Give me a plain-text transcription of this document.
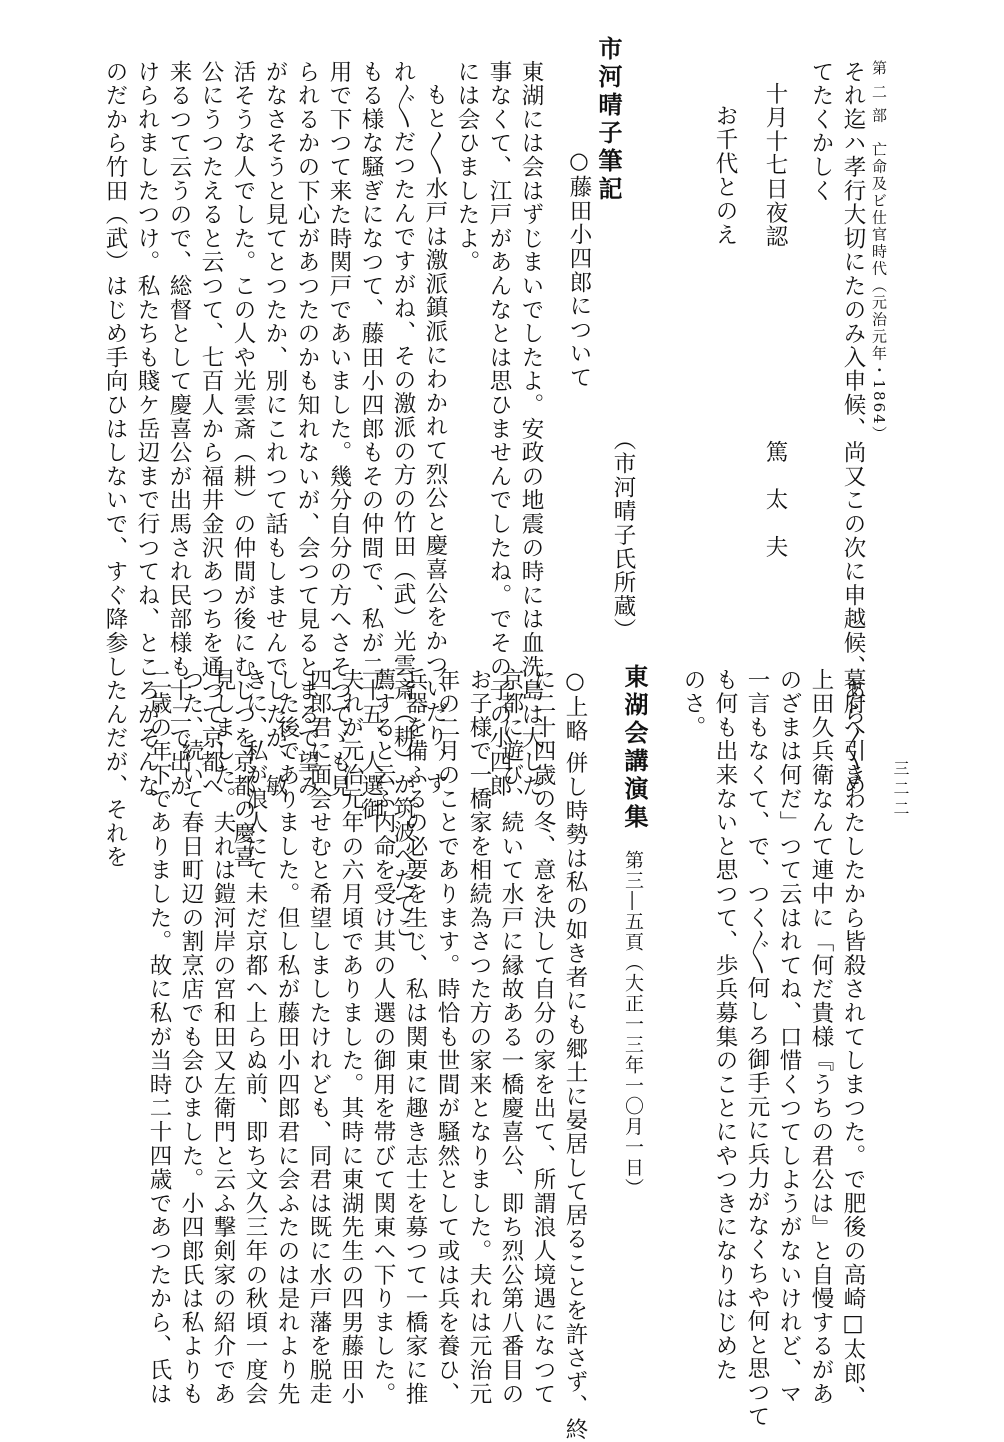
第 二 部　亡命及ビ仕官時代（元治元年・1864）
三二二
それ迄ハ孝行大切にたのみ入申候、尚又この次に申越候、あら〳〵め
てたくかしく
十月十七日夜認
篤　太　夫
お千代とのえ
（市河晴子氏所蔵）
市河晴子筆記
○藤田小四郎について
東湖には会はずじまいでしたよ。安政の地震の時には血洗島は大した
事なくて、江戸があんなとは思ひませんでしたね。でその子の小四郎
には会ひましたよ。
もと〳〵水戸は激派鎮派にわかれて烈公と慶喜公をかついだり、す
れ〴〵だつたんですがね、その激派の方の竹田（武）光雲斎（耕）が筑波へたてこ
もる様な騒ぎになつて、藤田小四郎もその仲間で、私が二十五、人選御
用で下つて来た時関戸であいました。幾分自分の方へさそつてゞも見
られるかの下心があつたのかも知れないが、会つて見るとまるで望み
がなさそうと見てとつたか、別にこれつて話もしませんでしたが、敏
活そうな人でした。この人や光雲斎（耕）の仲間が後にむじつを京都の慶喜
公にうつたえると云つて、七百人から福井金沢あつちを通つて京都へ
来るつて云うので、総督として慶喜公が出馬され民部様も十二で出か
けられましたつけ。私たちも賤ケ岳辺まで行つてね、ところがそんな
のだから竹田（武）はじめ手向ひはしないで、すぐ降参したんだが、それを
幕府へ引きわたしたから皆殺されてしまつた。で肥後の高崎□太郎、
上田久兵衛なんて連中に「何だ貴様『うちの君公は』と自慢するがあ
のざまは何だ」つて云はれてね、口惜くつてしようがないけれど、マ
一言もなくて、で、つく〴〵何しろ御手元に兵力がなくちや何と思つて
も何も出来ないと思つて、歩兵募集のことにやつきになりはじめた
のさ。
東湖会講演集
第三―五頁（大正一三年一〇月一日）
○上略 併し時勢は私の如き者にも郷土に晏居して居ることを許さず、終
に二十四歳の冬、意を決して自分の家を出て、所謂浪人境遇になつて
京都に遊び、続いて水戸に縁故ある一橋慶喜公、即ち烈公第八番目の
お子様で一橋家を相続為さつた方の家来となりました。夫れは元治元
年の二月のことであります。時恰も世間が騒然として或は兵を養ひ、
兵器を備ふるの必要を生じ、私は関東に趣き志士を募つて一橋家に推
薦すると云ふ内命を受け其の人選の御用を帯びて関東へ下りました。
夫れが元治元年の六月頃でありました。其時に東湖先生の四男藤田小
四郎君に面会せむと希望しましたけれども、同君は既に水戸藩を脱走
した後でありました。但し私が藤田小四郎君に会ふたのは是れより先
きに、私が浪人にて未だ京都へ上らぬ前、即ち文久三年の秋頃一度会
見しました。夫れは鎧河岸の宮和田又左衛門と云ふ撃剣家の紹介であ
つた、続いて春日町辺の割烹店でも会ひました。小四郎氏は私よりも
二歳の年下でありました。故に私が当時二十四歳であつたから、氏は
